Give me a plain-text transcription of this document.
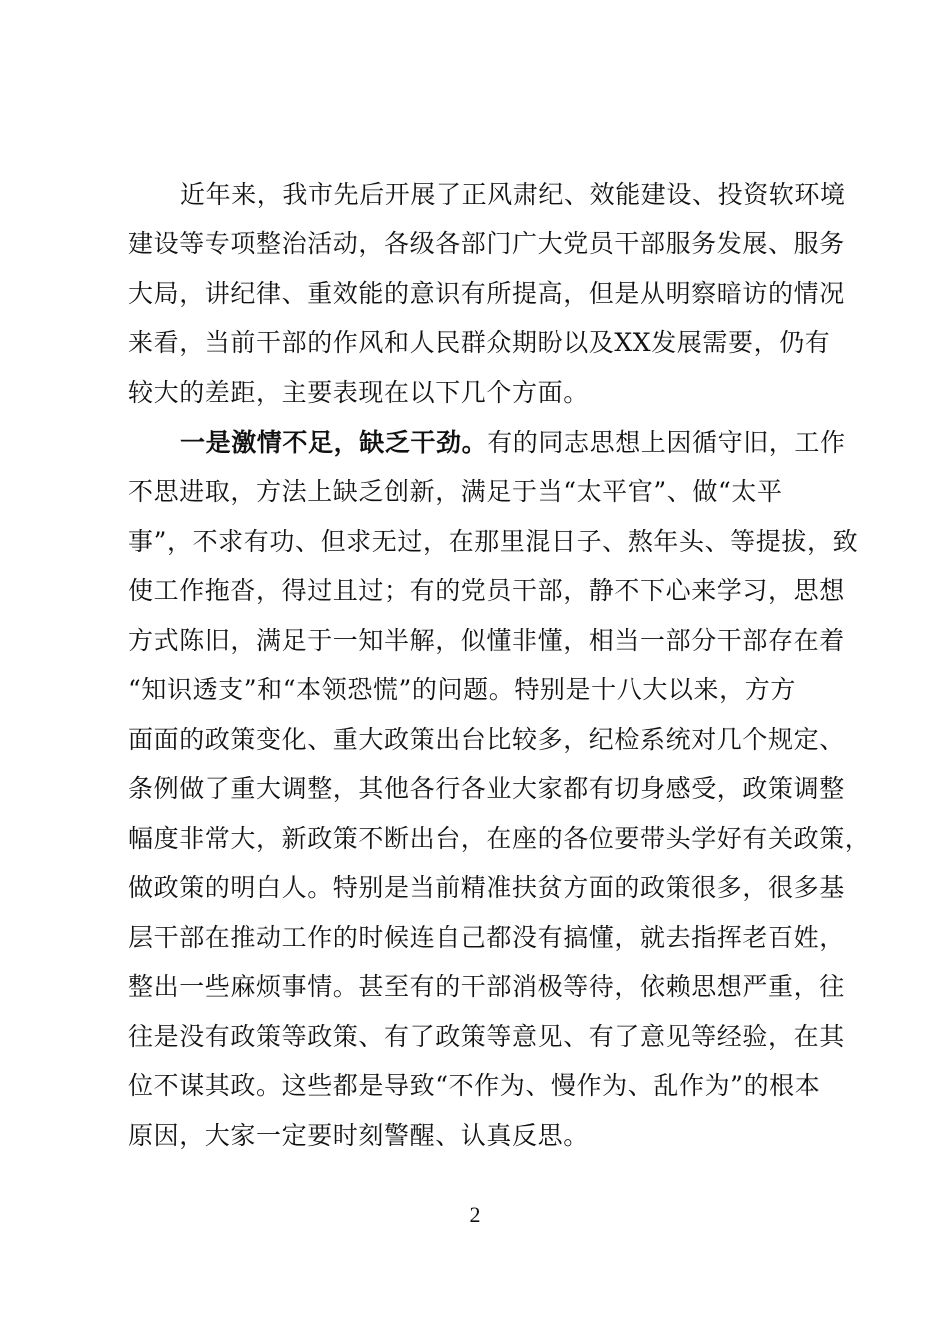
近年来，我市先后开展了正风肃纪、效能建设、投资软环境
建设等专项整治活动，各级各部门广大党员干部服务发展、服务
大局，讲纪律、重效能的意识有所提高，但是从明察暗访的情况
来看，当前干部的作风和人民群众期盼以及XX发展需要，仍有
较大的差距，主要表现在以下几个方面。
一是激情不足，缺乏干劲。有的同志思想上因循守旧，工作
不思进取，方法上缺乏创新，满足于当“太平官”、做“太平
事”，不求有功、但求无过，在那里混日子、熬年头、等提拔，致
使工作拖沓，得过且过；有的党员干部，静不下心来学习，思想
方式陈旧，满足于一知半解，似懂非懂，相当一部分干部存在着
“知识透支”和“本领恐慌”的问题。特别是十八大以来，方方
面面的政策变化、重大政策出台比较多，纪检系统对几个规定、
条例做了重大调整，其他各行各业大家都有切身感受，政策调整
幅度非常大，新政策不断出台，在座的各位要带头学好有关政策，
做政策的明白人。特别是当前精准扶贫方面的政策很多，很多基
层干部在推动工作的时候连自己都没有搞懂，就去指挥老百姓，
整出一些麻烦事情。甚至有的干部消极等待，依赖思想严重，往
往是没有政策等政策、有了政策等意见、有了意见等经验，在其
位不谋其政。这些都是导致“不作为、慢作为、乱作为”的根本
原因，大家一定要时刻警醒、认真反思。
2
